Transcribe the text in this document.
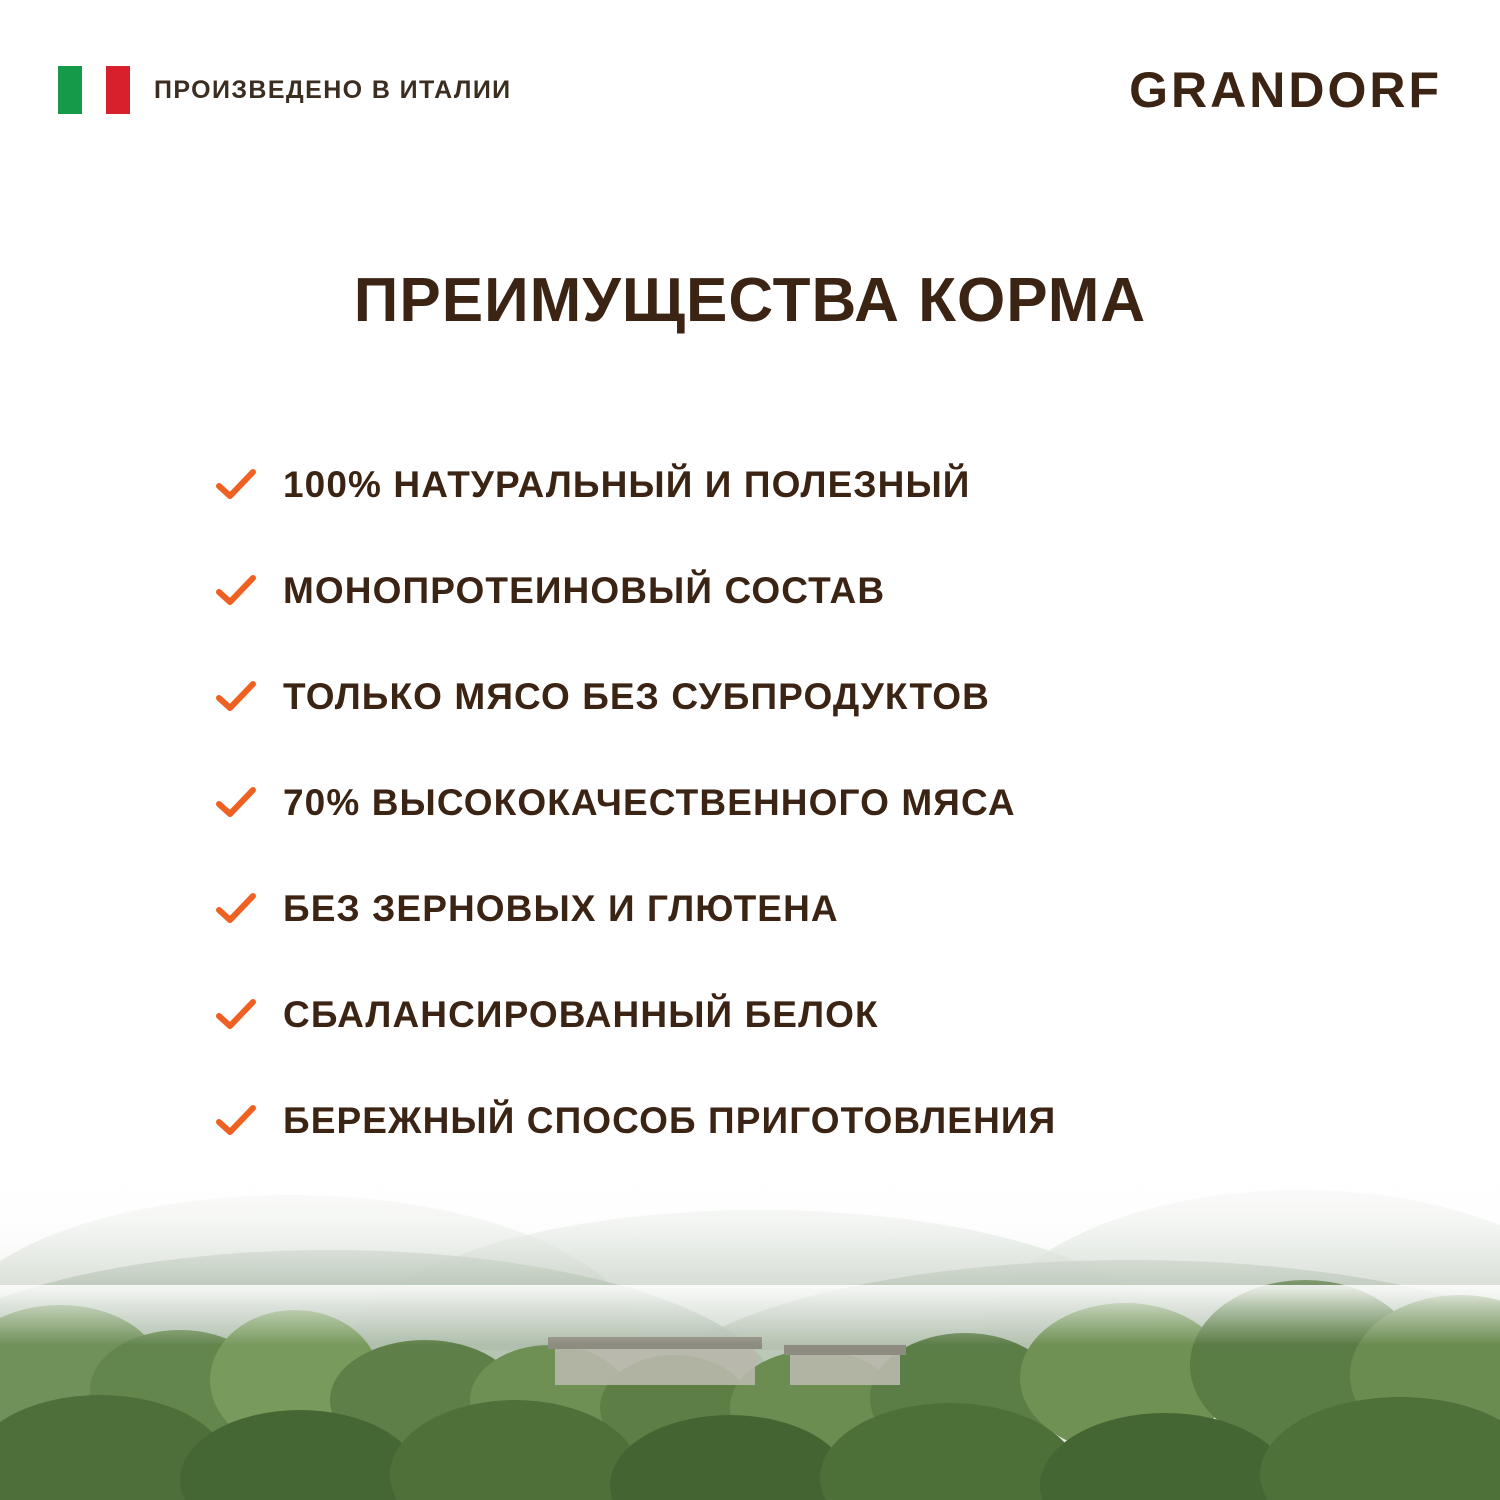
ПРОИЗВЕДЕНО В ИТАЛИИ	GRANDORF
ПРЕИМУЩЕСТВА КОРМА
100% НАТУРАЛЬНЫЙ И ПОЛЕЗНЫЙ
МОНОПРОТЕИНОВЫЙ СОСТАВ
ТОЛЬКО МЯСО БЕЗ СУБПРОДУКТОВ
70% ВЫСОКОКАЧЕСТВЕННОГО МЯСА
БЕЗ ЗЕРНОВЫХ И ГЛЮТЕНА
СБАЛАНСИРОВАННЫЙ БЕЛОК
БЕРЕЖНЫЙ СПОСОБ ПРИГОТОВЛЕНИЯ
